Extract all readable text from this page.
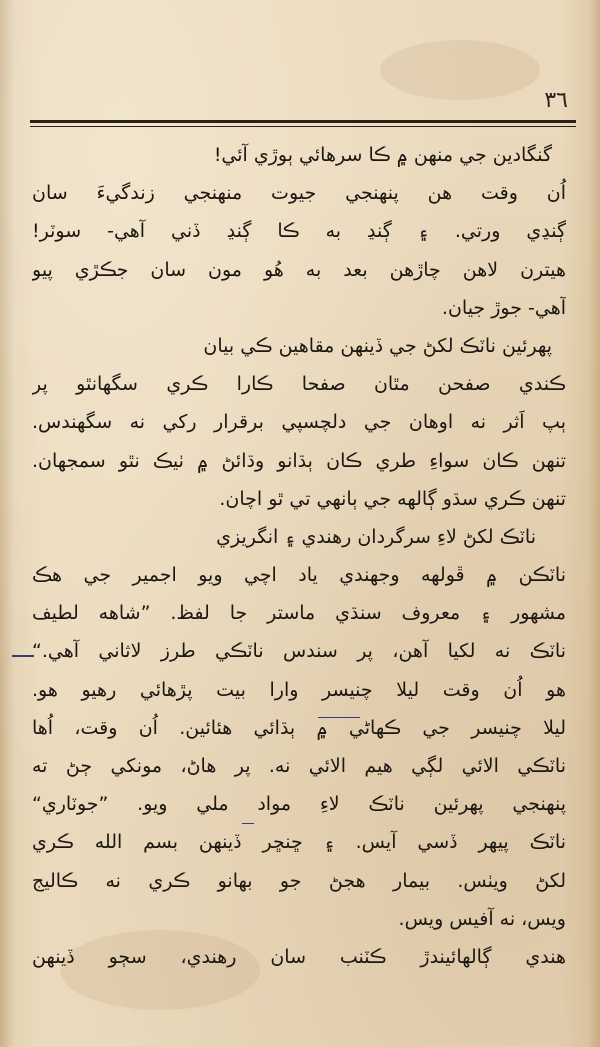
٣٦
گنگادين جي منهن ۾ ڪا سرهائي ٻوڙي آئي!
اُن وقت هن پنهنجي جيوت منهنجي زندگيءَ سان
ڳنڍي ورتي. ۽ ڳنڍ به ڪا ڳنڍ ڏني آهي- سوٽر!
هيترن لاهن چاڙهن بعد به هُو مون سان جڪڙي پيو
آهي- جوڙ جيان.
پهرئين ناٽڪ لکڻ جي ڏينهن مقاهين ڪي بيان
ڪندي صفحن مٿان صفحا ڪارا ڪري سگهانٿو پر
ٻپ اَثر نه اوهان جي دلچسپي برقرار رکي نه سگهندس.
تنهن ڪان سواءِ طري ڪان ٻڌانو وڌائڻ ۾ ٺيڪ نٿو سمجهان.
تنهن ڪري سڌو ڳالهه جي ٻانهي تي ٿو اچان.
ناٽڪ لکڻ لاءِ سرگردان رهندي ۽ انگريزي
ناٽڪن ۾ ڦولهه وجهندي ياد اچي ويو اجمير جي هڪ
مشهور ۽ معروف سنڌي ماستر جا لفظ. ”شاهه لطيف
ناٽڪ نه لکيا آهن، پر سندس ناٽڪي طرز لاثاني آهي.“
هو اُن وقت ليلا چنيسر وارا بيت پڙهائي رهيو هو.
ليلا چنيسر جي ڪهاڻي ۾ ٻڌائي هئائين. اُن وقت، اُها
ناٽڪي الائي لڳي هيم الائي نه. پر هاڻ، مونکي ڄڻ ته
پنهنجي پهرئين ناٽڪ لاءِ مواد ملي ويو. ”جوٽاري“
ناٽڪ پيهر ڏسي آيس. ۽ ڇنڇر ڏينهن بسم الله ڪري
لکڻ ويٺس. بيمار هجڻ جو بهانو ڪري نه ڪاليج
ويس، نه آفيس ويس.
هندي ڳالهائيندڙ ڪٽنب سان رهندي، سڄو ڏينهن
